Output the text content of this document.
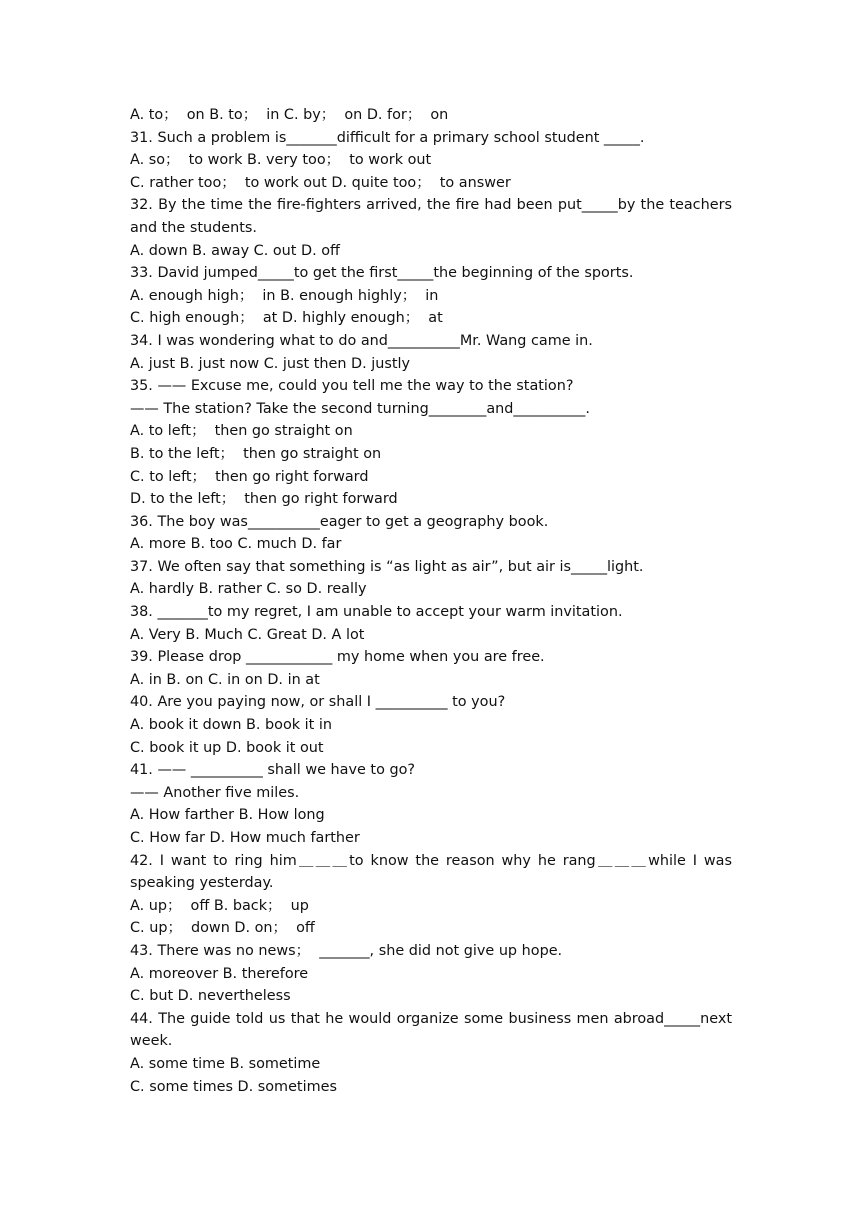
A. to；  on B. to；  in C. by；  on D. for；  on
31. Such a problem is_______difficult for a primary school student _____.
A. so；  to work B. very too；  to work out
C. rather too；  to work out D. quite too；  to answer
32. By the time the fire-fighters arrived, the fire had been put_____by the teachers
and the students.
A. down B. away C. out D. off
33. David jumped_____to get the first_____the beginning of the sports.
A. enough high；  in B. enough highly；  in
C. high enough；  at D. highly enough；  at
34. I was wondering what to do and__________Mr. Wang came in.
A. just B. just now C. just then D. justly
35. —— Excuse me, could you tell me the way to the station?
—— The station? Take the second turning________and__________.
A. to left；  then go straight on
B. to the left；  then go straight on
C. to left；  then go right forward
D. to the left；  then go right forward
36. The boy was__________eager to get a geography book.
A. more B. too C. much D. far
37. We often say that something is “as light as air”, but air is_____light.
A. hardly B. rather C. so D. really
38. _______to my regret, I am unable to accept your warm invitation.
A. Very B. Much C. Great D. A lot
39. Please drop ____________ my home when you are free.
A. in B. on C. in on D. in at
40. Are you paying now, or shall I __________ to you?
A. book it down B. book it in
C. book it up D. book it out
41. —— __________ shall we have to go?
—— Another five miles.
A. How farther B. How long
C. How far D. How much farther
42. I want to ring him＿＿＿to know the reason why he rang＿＿＿while I was
speaking yesterday.
A. up；  off B. back；  up
C. up；  down D. on；  off
43. There was no news；  _______, she did not give up hope.
A. moreover B. therefore
C. but D. nevertheless
44. The guide told us that he would organize some business men abroad_____next
week.
A. some time B. sometime
C. some times D. sometimes
